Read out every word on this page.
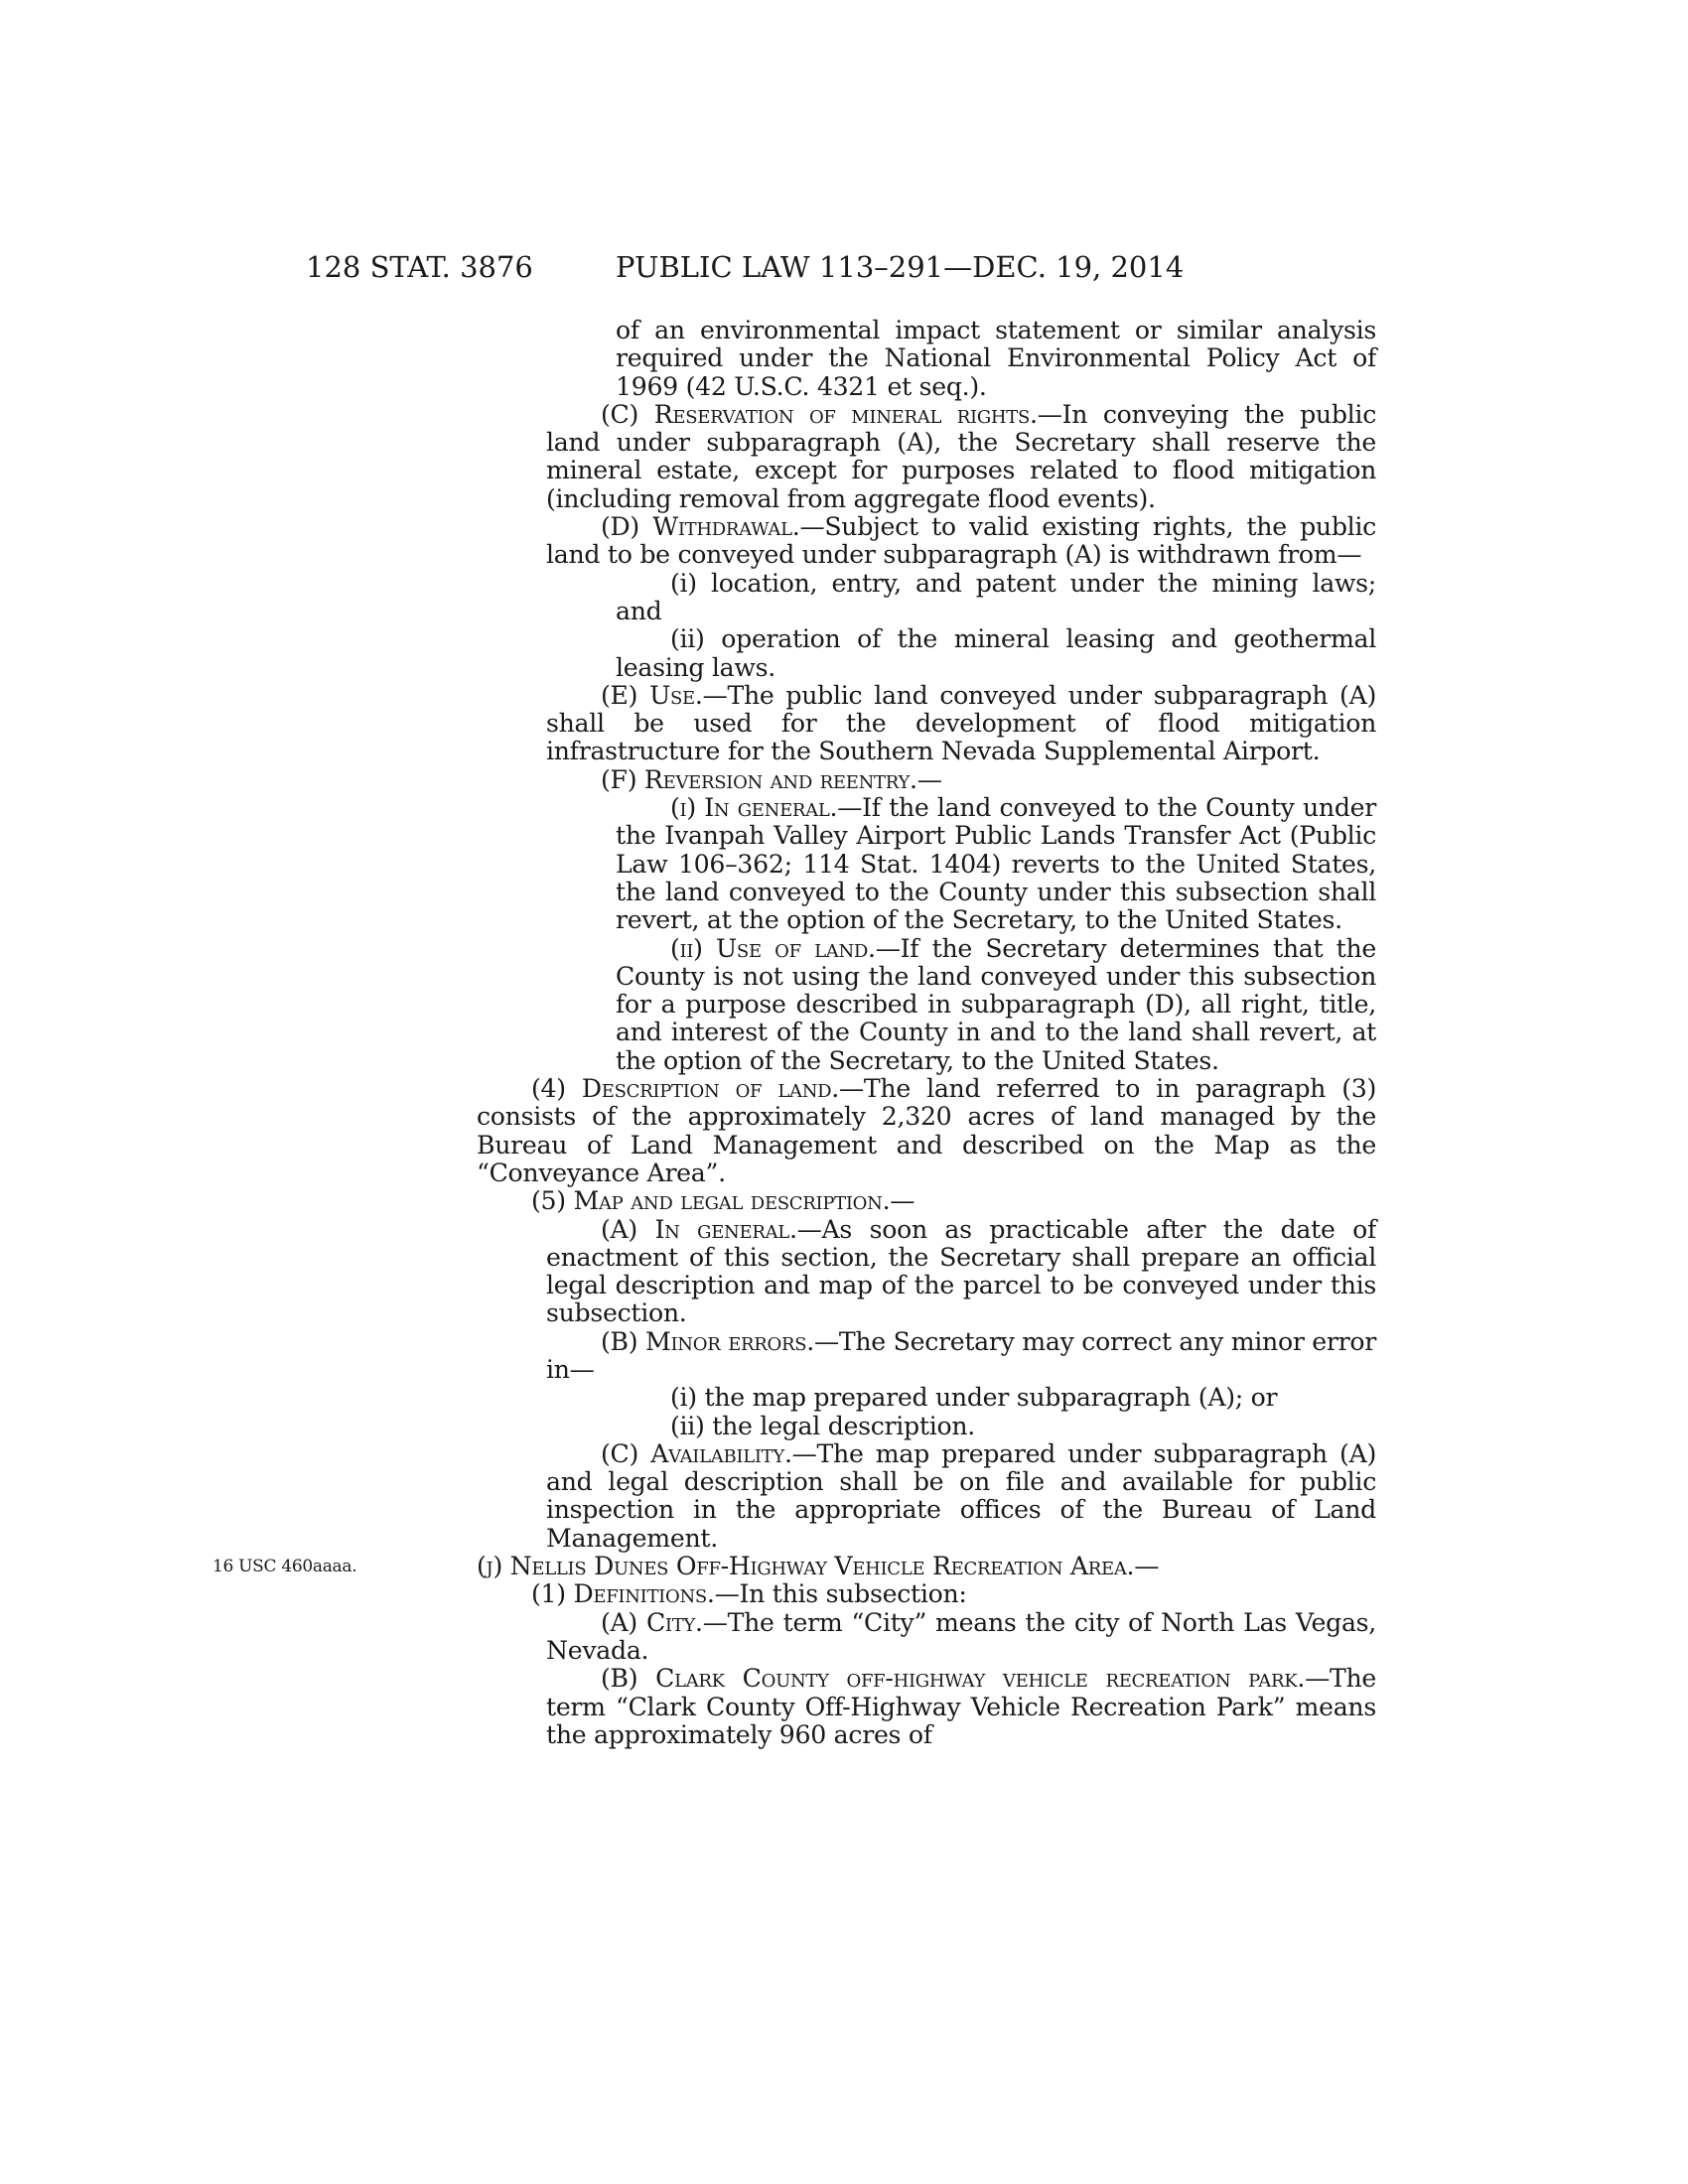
128 STAT. 3876	PUBLIC LAW 113–291—DEC. 19, 2014

of an environmental impact statement or similar analysis required under the National Environmental Policy Act of 1969 (42 U.S.C. 4321 et seq.).

(C) Reservation of mineral rights.—In conveying the public land under subparagraph (A), the Secretary shall reserve the mineral estate, except for purposes related to flood mitigation (including removal from aggregate flood events).

(D) Withdrawal.—Subject to valid existing rights, the public land to be conveyed under subparagraph (A) is withdrawn from—

(i) location, entry, and patent under the mining laws; and

(ii) operation of the mineral leasing and geothermal leasing laws.

(E) Use.—The public land conveyed under subparagraph (A) shall be used for the development of flood mitigation infrastructure for the Southern Nevada Supplemental Airport.

(F) Reversion and reentry.—

(i) In general.—If the land conveyed to the County under the Ivanpah Valley Airport Public Lands Transfer Act (Public Law 106–362; 114 Stat. 1404) reverts to the United States, the land conveyed to the County under this subsection shall revert, at the option of the Secretary, to the United States.

(ii) Use of land.—If the Secretary determines that the County is not using the land conveyed under this subsection for a purpose described in subparagraph (D), all right, title, and interest of the County in and to the land shall revert, at the option of the Secretary, to the United States.

(4) Description of land.—The land referred to in paragraph (3) consists of the approximately 2,320 acres of land managed by the Bureau of Land Management and described on the Map as the “Conveyance Area”.

(5) Map and legal description.—

(A) In general.—As soon as practicable after the date of enactment of this section, the Secretary shall prepare an official legal description and map of the parcel to be conveyed under this subsection.

(B) Minor errors.—The Secretary may correct any minor error in—

(i) the map prepared under subparagraph (A); or

(ii) the legal description.

(C) Availability.—The map prepared under subparagraph (A) and legal description shall be on file and available for public inspection in the appropriate offices of the Bureau of Land Management.

16 USC 460aaaa.	(j) Nellis Dunes Off-Highway Vehicle Recreation Area.—

(1) Definitions.—In this subsection:

(A) City.—The term “City” means the city of North Las Vegas, Nevada.

(B) Clark County off-highway vehicle recreation park.—The term “Clark County Off-Highway Vehicle Recreation Park” means the approximately 960 acres of
